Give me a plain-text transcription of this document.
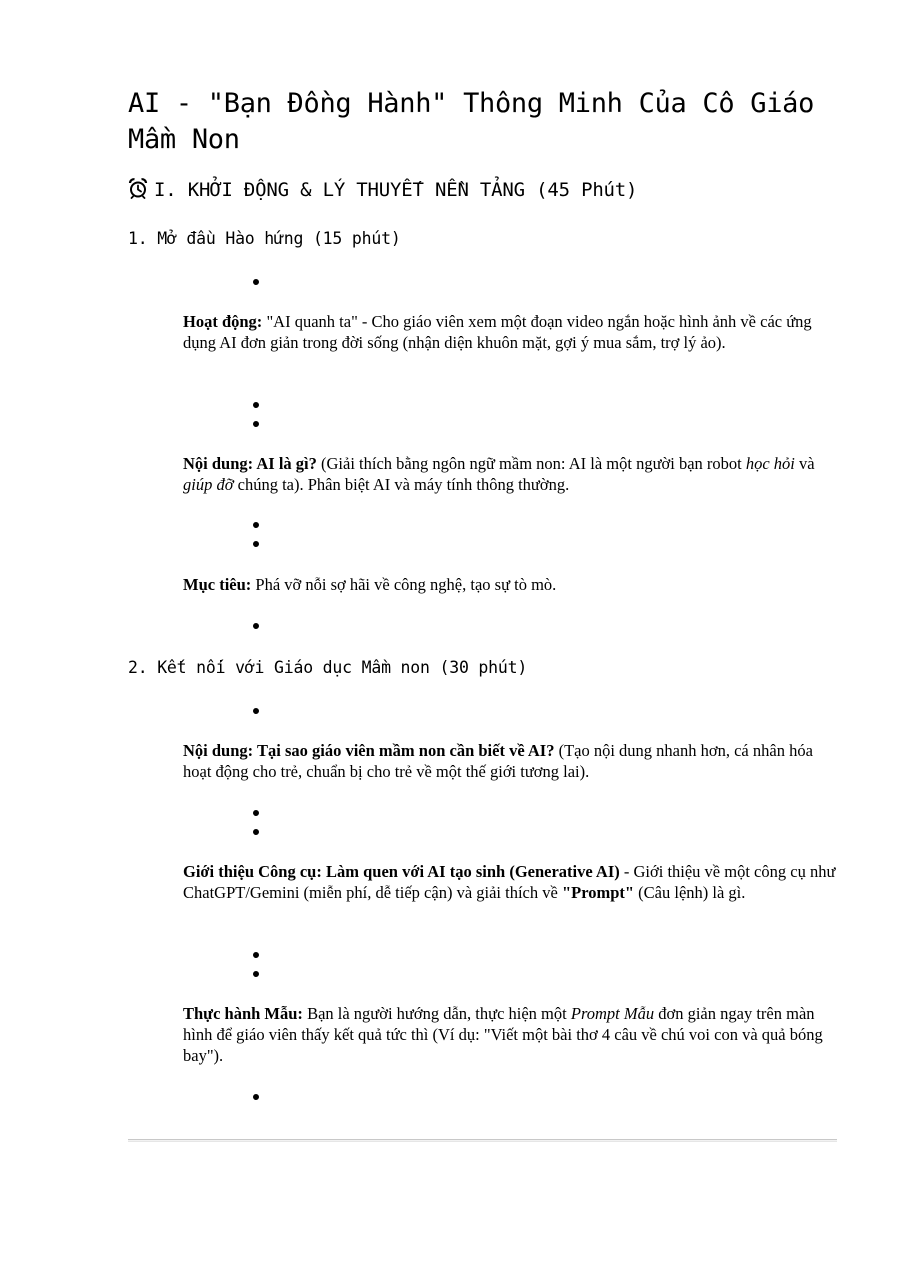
AI - "Bạn Đồng Hành" Thông Minh Của Cô Giáo Mầm Non
I. KHỞI ĐỘNG & LÝ THUYẾT NỀN TẢNG (45 Phút)
1. Mở đầu Hào hứng (15 phút)

Hoạt động: "AI quanh ta" - Cho giáo viên xem một đoạn video ngắn hoặc hình ảnh về các ứng dụng AI đơn giản trong đời sống (nhận diện khuôn mặt, gợi ý mua sắm, trợ lý ảo).

Nội dung: AI là gì? (Giải thích bằng ngôn ngữ mầm non: AI là một người bạn robot học hỏi và giúp đỡ chúng ta). Phân biệt AI và máy tính thông thường.

Mục tiêu: Phá vỡ nỗi sợ hãi về công nghệ, tạo sự tò mò.

2. Kết nối với Giáo dục Mầm non (30 phút)

Nội dung: Tại sao giáo viên mầm non cần biết về AI? (Tạo nội dung nhanh hơn, cá nhân hóa hoạt động cho trẻ, chuẩn bị cho trẻ về một thế giới tương lai).

Giới thiệu Công cụ: Làm quen với AI tạo sinh (Generative AI) - Giới thiệu về một công cụ như ChatGPT/Gemini (miễn phí, dễ tiếp cận) và giải thích về "Prompt" (Câu lệnh) là gì.

Thực hành Mẫu: Bạn là người hướng dẫn, thực hiện một Prompt Mẫu đơn giản ngay trên màn hình để giáo viên thấy kết quả tức thì (Ví dụ: "Viết một bài thơ 4 câu về chú voi con và quả bóng bay").
